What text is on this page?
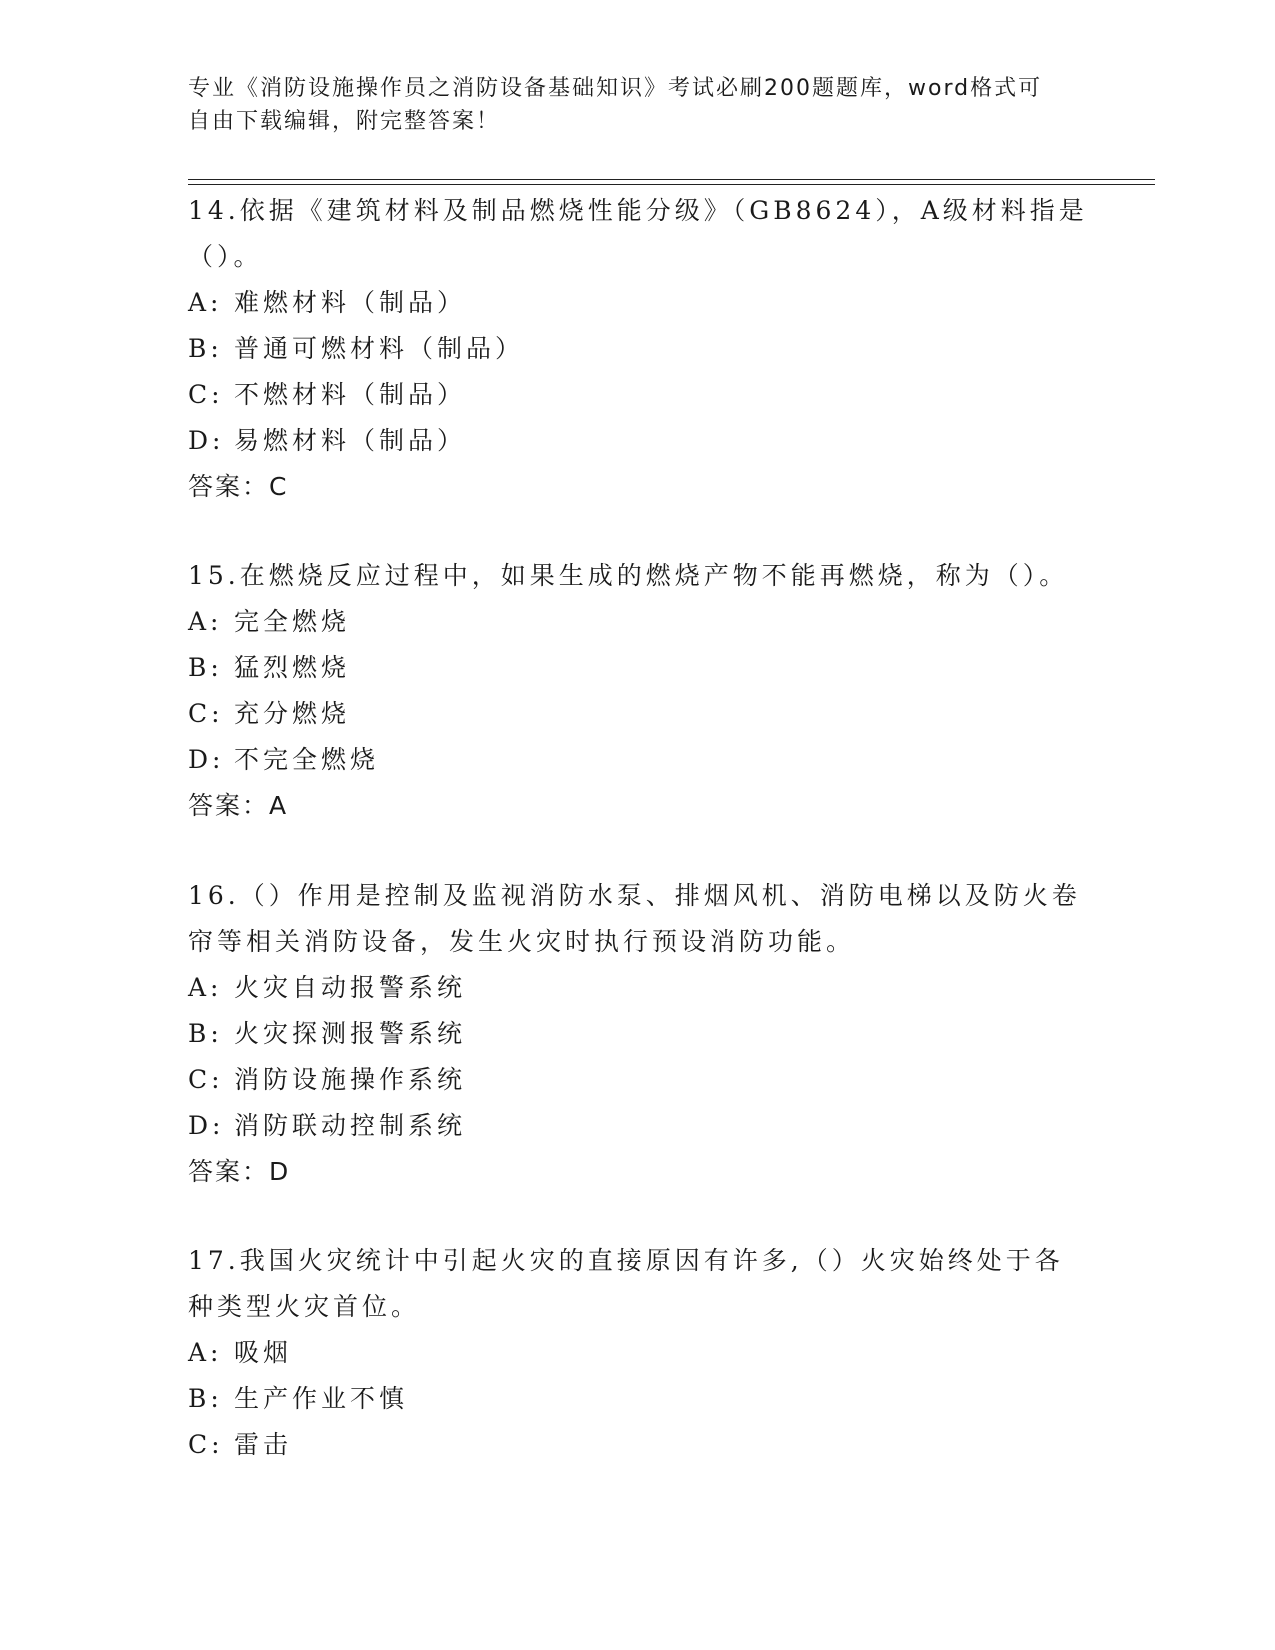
专业《消防设施操作员之消防设备基础知识》考试必刷200题题库，word格式可
自由下载编辑，附完整答案！

14.依据《建筑材料及制品燃烧性能分级》（GB8624），A级材料指是

（）。

A: 难燃材料（制品）

B: 普通可燃材料（制品）

C: 不燃材料（制品）

D: 易燃材料（制品）

答案：C

15.在燃烧反应过程中，如果生成的燃烧产物不能再燃烧，称为（）。

A: 完全燃烧

B: 猛烈燃烧

C: 充分燃烧

D: 不完全燃烧

答案：A

16.（）作用是控制及监视消防水泵、排烟风机、消防电梯以及防火卷

帘等相关消防设备，发生火灾时执行预设消防功能。

A: 火灾自动报警系统

B: 火灾探测报警系统

C: 消防设施操作系统

D: 消防联动控制系统

答案：D

17.我国火灾统计中引起火灾的直接原因有许多,（）火灾始终处于各

种类型火灾首位。

A: 吸烟

B: 生产作业不慎

C: 雷击
